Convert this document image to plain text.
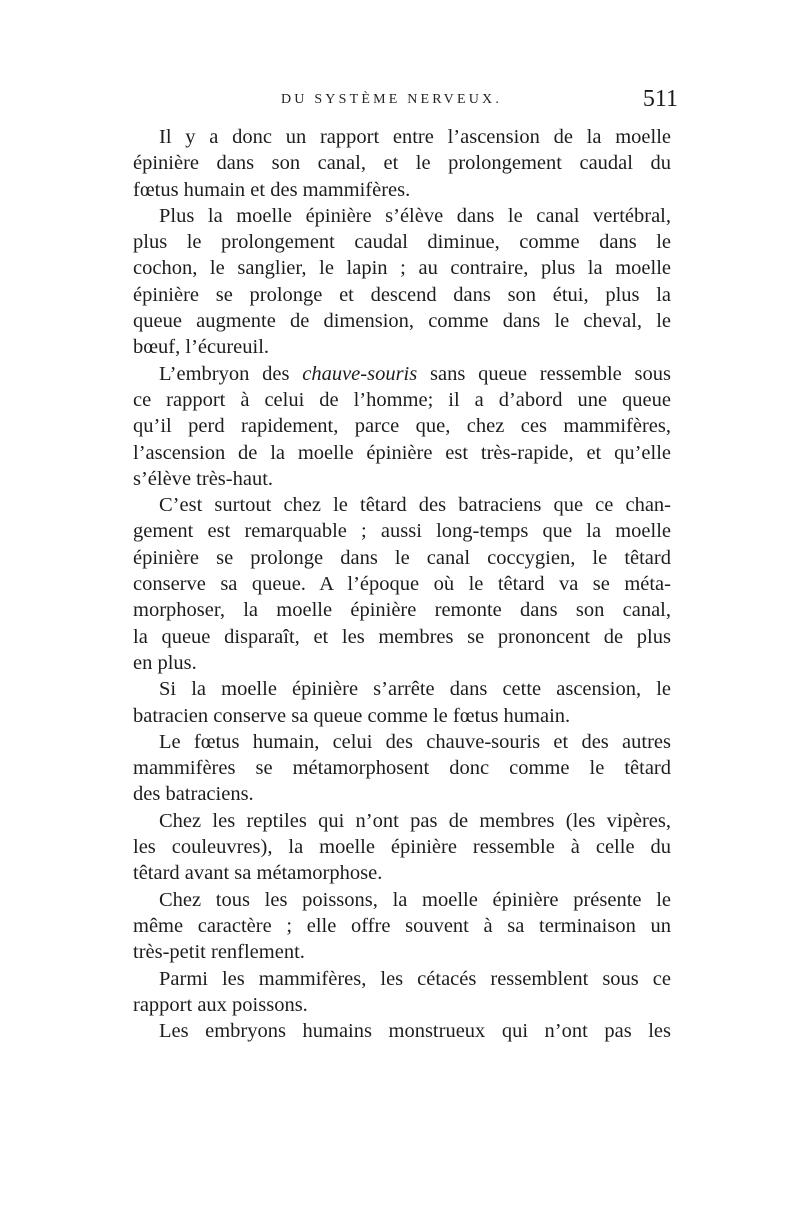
DU SYSTÈME NERVEUX.	511
Il y a donc un rapport entre l’ascension de la moelle
épinière dans son canal, et le prolongement caudal du
fœtus humain et des mammifères.
Plus la moelle épinière s’élève dans le canal vertébral,
plus le prolongement caudal diminue, comme dans le
cochon, le sanglier, le lapin ; au contraire, plus la moelle
épinière se prolonge et descend dans son étui, plus la
queue augmente de dimension, comme dans le cheval, le
bœuf, l’écureuil.
L’embryon des chauve-souris sans queue ressemble sous
ce rapport à celui de l’homme; il a d’abord une queue
qu’il perd rapidement, parce que, chez ces mammifères,
l’ascension de la moelle épinière est très-rapide, et qu’elle
s’élève très-haut.
C’est surtout chez le têtard des batraciens que ce chan-
gement est remarquable ; aussi long-temps que la moelle
épinière se prolonge dans le canal coccygien, le têtard
conserve sa queue. A l’époque où le têtard va se méta-
morphoser, la moelle épinière remonte dans son canal,
la queue disparaît, et les membres se prononcent de plus
en plus.
Si la moelle épinière s’arrête dans cette ascension, le
batracien conserve sa queue comme le fœtus humain.
Le fœtus humain, celui des chauve-souris et des autres
mammifères se métamorphosent donc comme le têtard
des batraciens.
Chez les reptiles qui n’ont pas de membres (les vipères,
les couleuvres), la moelle épinière ressemble à celle du
têtard avant sa métamorphose.
Chez tous les poissons, la moelle épinière présente le
même caractère ; elle offre souvent à sa terminaison un
très-petit renflement.
Parmi les mammifères, les cétacés ressemblent sous ce
rapport aux poissons.
Les embryons humains monstrueux qui n’ont pas les
